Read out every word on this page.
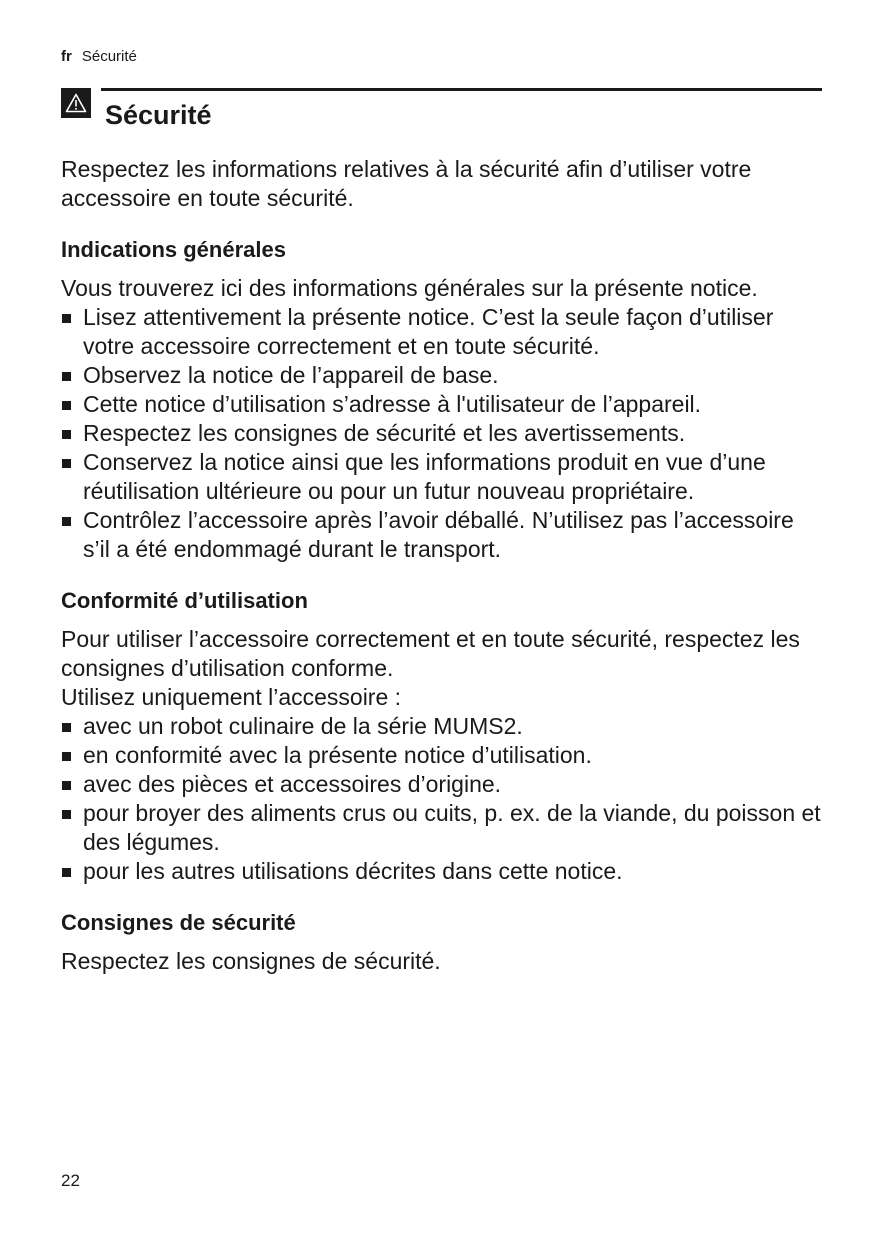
fr Sécurité
Sécurité

Respectez les informations relatives à la sécurité afin d’utiliser votre accessoire en toute sécurité.

Indications générales

Vous trouverez ici des informations générales sur la présente notice.

Lisez attentivement la présente notice. C’est la seule façon d’utiliser votre accessoire correctement et en toute sécurité.
Observez la notice de l’appareil de base.
Cette notice d’utilisation s’adresse à l'utilisateur de l’appareil.
Respectez les consignes de sécurité et les avertissements.
Conservez la notice ainsi que les informations produit en vue d’une réutilisation ultérieure ou pour un futur nouveau propriétaire.
Contrôlez l’accessoire après l’avoir déballé. N’utilisez pas l’accessoire s’il a été endommagé durant le transport.
Conformité d’utilisation

Pour utiliser l’accessoire correctement et en toute sécurité, respectez les consignes d’utilisation conforme.

Utilisez uniquement l’accessoire :

avec un robot culinaire de la série MUMS2.
en conformité avec la présente notice d’utilisation.
avec des pièces et accessoires d’origine.
pour broyer des aliments crus ou cuits, p. ex. de la viande, du poisson et des légumes.
pour les autres utilisations décrites dans cette notice.
Consignes de sécurité

Respectez les consignes de sécurité.

22
